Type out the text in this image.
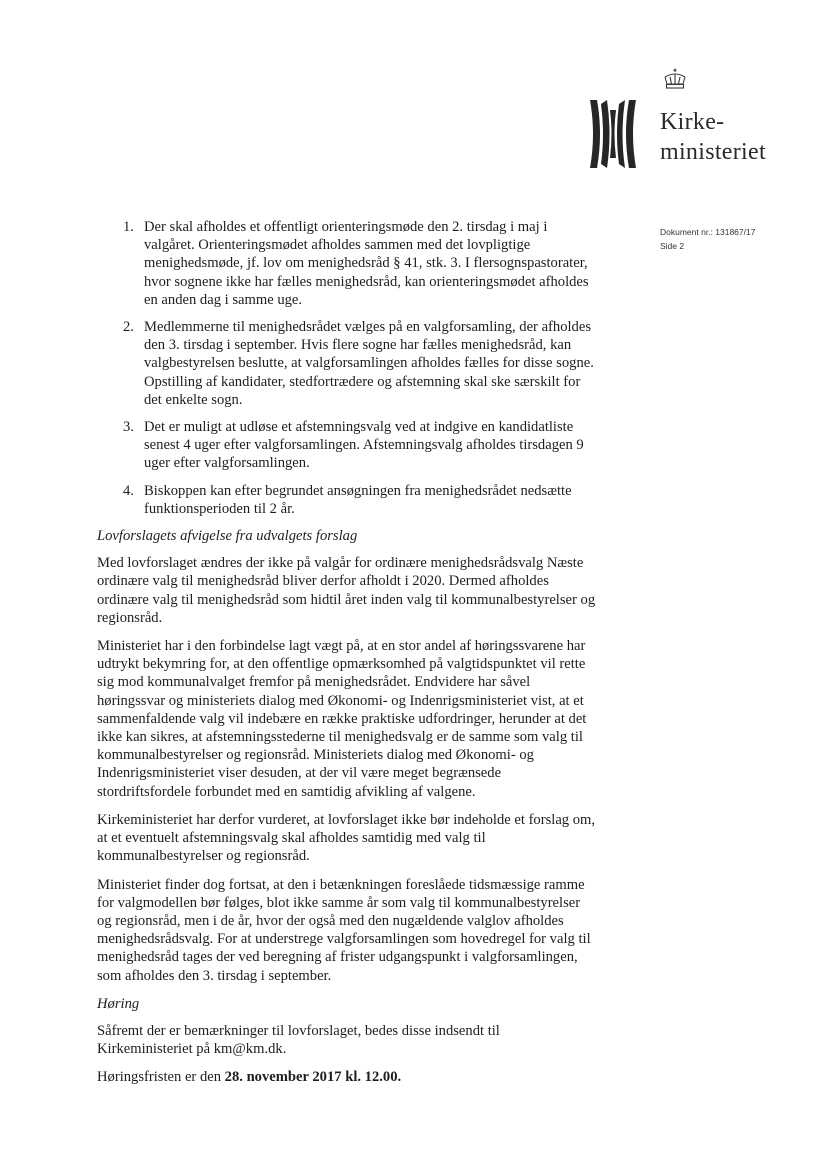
Kirke-
ministeriet
Dokument nr.: 131867/17
Side 2
1. Der skal afholdes et offentligt orienteringsmøde den 2. tirsdag i maj i valgåret. Orienteringsmødet afholdes sammen med det lovpligtige menighedsmøde, jf. lov om menighedsråd § 41, stk. 3. I flersognspastorater, hvor sognene ikke har fælles menighedsråd, kan orienteringsmødet afholdes en anden dag i samme uge.
2. Medlemmerne til menighedsrådet vælges på en valgforsamling, der afholdes den 3. tirsdag i september. Hvis flere sogne har fælles menighedsråd, kan valgbestyrelsen beslutte, at valgforsamlingen afholdes fælles for disse sogne. Opstilling af kandidater, stedfortrædere og afstemning skal ske særskilt for det enkelte sogn.
3. Det er muligt at udløse et afstemningsvalg ved at indgive en kandidatliste senest 4 uger efter valgforsamlingen. Afstemningsvalg afholdes tirsdagen 9 uger efter valgforsamlingen.
4. Biskoppen kan efter begrundet ansøgningen fra menighedsrådet nedsætte funktionsperioden til 2 år.
Lovforslagets afvigelse fra udvalgets forslag

Med lovforslaget ændres der ikke på valgår for ordinære menighedsrådsvalg Næste ordinære valg til menighedsråd bliver derfor afholdt i 2020. Dermed afholdes ordinære valg til menighedsråd som hidtil året inden valg til kommunalbestyrelser og regionsråd.

Ministeriet har i den forbindelse lagt vægt på, at en stor andel af høringssvarene har udtrykt bekymring for, at den offentlige opmærksomhed på valgtidspunktet vil rette sig mod kommunalvalget fremfor på menighedsrådet. Endvidere har såvel høringssvar og ministeriets dialog med Økonomi- og Indenrigsministeriet vist, at et sammenfaldende valg vil indebære en række praktiske udfordringer, herunder at det ikke kan sikres, at afstemningsstederne til menighedsvalg er de samme som valg til kommunalbestyrelser og regionsråd. Ministeriets dialog med Økonomi- og Indenrigsministeriet viser desuden, at der vil være meget begrænsede stordriftsfordele forbundet med en samtidig afvikling af valgene.

Kirkeministeriet har derfor vurderet, at lovforslaget ikke bør indeholde et forslag om, at et eventuelt afstemningsvalg skal afholdes samtidig med valg til kommunalbestyrelser og regionsråd.

Ministeriet finder dog fortsat, at den i betænkningen foreslåede tidsmæssige ramme for valgmodellen bør følges, blot ikke samme år som valg til kommunalbestyrelser og regionsråd, men i de år, hvor der også med den nugældende valglov afholdes menighedsrådsvalg. For at understrege valgforsamlingen som hovedregel for valg til menighedsråd tages der ved beregning af frister udgangspunkt i valgforsamlingen, som afholdes den 3. tirsdag i september.

Høring

Såfremt der er bemærkninger til lovforslaget, bedes disse indsendt til Kirkeministeriet på km@km.dk.

Høringsfristen er den 28. november 2017 kl. 12.00.
